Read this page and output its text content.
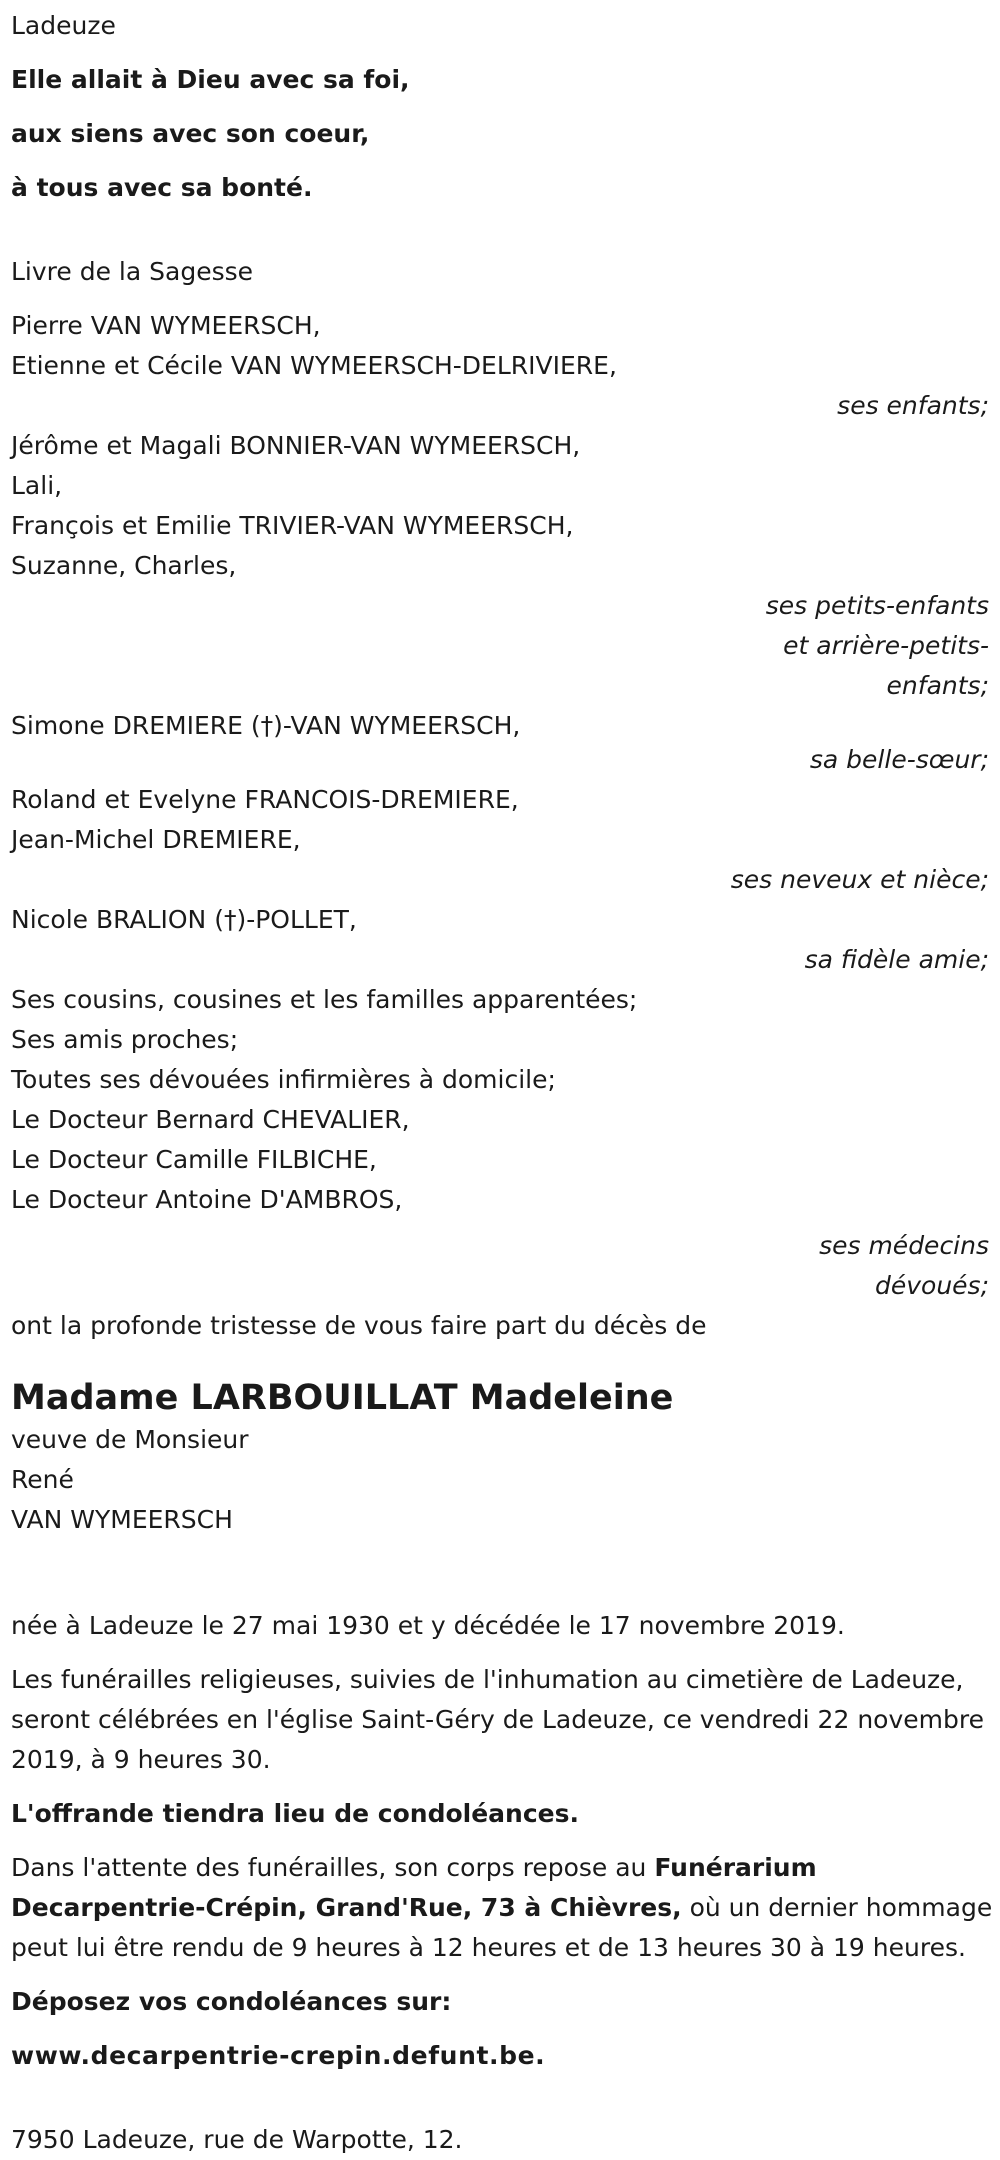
Ladeuze
Elle allait à Dieu avec sa foi,
aux siens avec son coeur,
à tous avec sa bonté.
Livre de la Sagesse
Pierre VAN WYMEERSCH,
Etienne et Cécile VAN WYMEERSCH-DELRIVIERE,
ses enfants;
Jérôme et Magali BONNIER-VAN WYMEERSCH,
Lali,
François et Emilie TRIVIER-VAN WYMEERSCH,
Suzanne, Charles,
ses petits-enfants
et arrière-petits-
enfants;
Simone DREMIERE (†)-VAN WYMEERSCH,
sa belle-sœur;
Roland et Evelyne FRANCOIS-DREMIERE,
Jean-Michel DREMIERE,
ses neveux et nièce;
Nicole BRALION (†)-POLLET,
sa fidèle amie;
Ses cousins, cousines et les familles apparentées;
Ses amis proches;
Toutes ses dévouées infirmières à domicile;
Le Docteur Bernard CHEVALIER,
Le Docteur Camille FILBICHE,
Le Docteur Antoine D'AMBROS,
ses médecins
dévoués;
ont la profonde tristesse de vous faire part du décès de
Madame LARBOUILLAT Madeleine
veuve de Monsieur
René
VAN WYMEERSCH
née à Ladeuze le 27 mai 1930 et y décédée le 17 novembre 2019.
Les funérailles religieuses, suivies de l'inhumation au cimetière de Ladeuze, seront célébrées en l'église Saint-Géry de Ladeuze, ce vendredi 22 novembre 2019, à 9 heures 30.
L'offrande tiendra lieu de condoléances.
Dans l'attente des funérailles, son corps repose au Funérarium Decarpentrie-Crépin, Grand'Rue, 73 à Chièvres, où un dernier hommage peut lui être rendu de 9 heures à 12 heures et de 13 heures 30 à 19 heures.
Déposez vos condoléances sur:
www.decarpentrie-crepin.defunt.be.
7950 Ladeuze, rue de Warpotte, 12.
